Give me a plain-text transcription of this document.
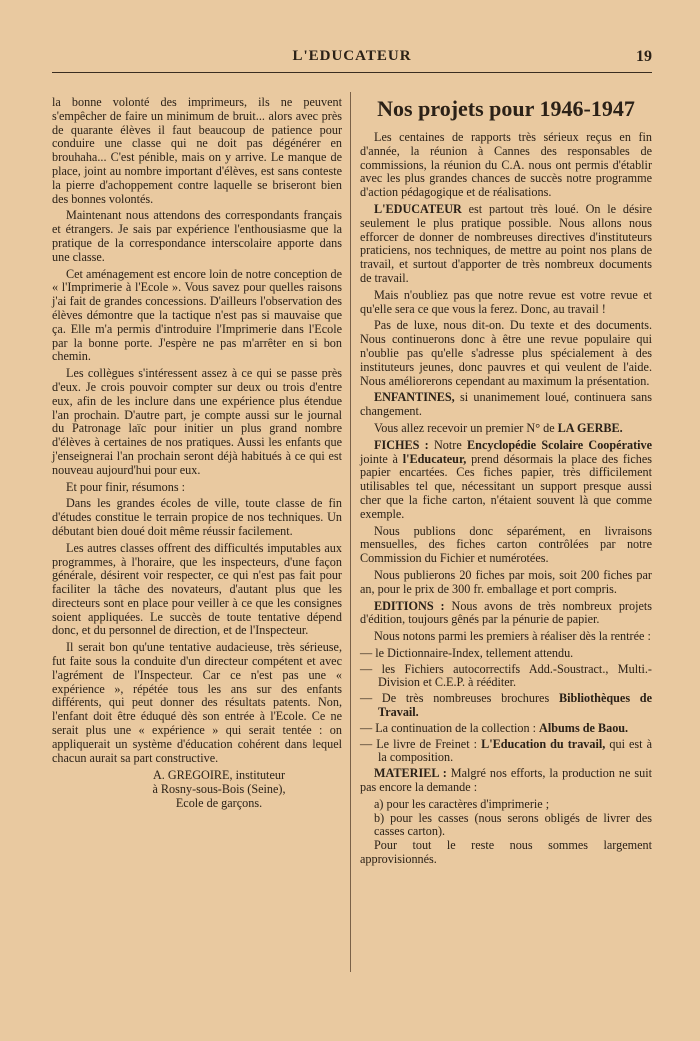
L'EDUCATEUR	19

la bonne volonté des imprimeurs, ils ne peuvent s'empêcher de faire un minimum de bruit... alors avec près de quarante élèves il faut beaucoup de patience pour conduire une classe qui ne doit pas dégénérer en brouhaha... C'est pénible, mais on y arrive. Le manque de place, joint au nombre important d'élèves, est sans conteste la pierre d'achoppement contre laquelle se briseront bien des bonnes volontés.

Maintenant nous attendons des correspondants français et étrangers. Je sais par expérience l'enthousiasme que la pratique de la correspondance interscolaire apporte dans une classe.

Cet aménagement est encore loin de notre conception de « l'Imprimerie à l'Ecole ». Vous savez pour quelles raisons j'ai fait de grandes concessions. D'ailleurs l'observation des élèves démontre que la tactique n'est pas si mauvaise que ça. Elle m'a permis d'introduire l'Imprimerie dans l'Ecole par la bonne porte. J'espère ne pas m'arrêter en si bon chemin.

Les collègues s'intéressent assez à ce qui se passe près d'eux. Je crois pouvoir compter sur deux ou trois d'entre eux, afin de les inclure dans une expérience plus étendue l'an prochain. D'autre part, je compte aussi sur le journal du Patronage laïc pour initier un plus grand nombre d'élèves à certaines de nos pratiques. Aussi les enfants que j'enseignerai l'an prochain seront déjà habitués à ce qui est nouveau aujourd'hui pour eux.

Et pour finir, résumons :

Dans les grandes écoles de ville, toute classe de fin d'études constitue le terrain propice de nos techniques. Un débutant bien doué doit même réussir facilement.

Les autres classes offrent des difficultés imputables aux programmes, à l'horaire, que les inspecteurs, d'une façon générale, désirent voir respecter, ce qui n'est pas fait pour faciliter la tâche des novateurs, d'autant plus que les directeurs sont en place pour veiller à ce que les consignes soient appliquées. Le succès de toute tentative dépend donc, et du personnel de direction, et de l'Inspecteur.

Il serait bon qu'une tentative audacieuse, très sérieuse, fut faite sous la conduite d'un directeur compétent et avec l'agrément de l'Inspecteur. Car ce n'est pas une « expérience », répétée tous les ans sur des enfants différents, qui peut donner des résultats patents. Non, l'enfant doit être éduqué dès son entrée à l'Ecole. Ce ne serait plus une « expérience » qui serait tentée : on appliquerait un système d'éducation cohérent dans lequel chacun aurait sa part constructive.

A. GREGOIRE, instituteur
à Rosny-sous-Bois (Seine),
Ecole de garçons.
Nos projets pour 1946-1947

Les centaines de rapports très sérieux reçus en fin d'année, la réunion à Cannes des responsables de commissions, la réunion du C.A. nous ont permis d'établir avec les plus grandes chances de succès notre programme d'action pédagogique et de réalisations.

L'EDUCATEUR est partout très loué. On le désire seulement le plus pratique possible. Nous allons nous efforcer de donner de nombreuses directives d'instituteurs praticiens, nos techniques, de mettre au point nos plans de travail, et surtout d'apporter de très nombreux documents de travail.

Mais n'oubliez pas que notre revue est votre revue et qu'elle sera ce que vous la ferez. Donc, au travail !

Pas de luxe, nous dit-on. Du texte et des documents. Nous continuerons donc à être une revue populaire qui n'oublie pas qu'elle s'adresse plus spécialement à des instituteurs jeunes, donc pauvres et qui veulent de l'aide. Nous améliorerons cependant au maximum la présentation.

ENFANTINES, si unanimement loué, continuera sans changement.

Vous allez recevoir un premier N° de LA GERBE.

FICHES : Notre Encyclopédie Scolaire Coopérative jointe à l'Educateur, prend désormais la place des fiches papier encartées. Ces fiches papier, très difficilement utilisables tel que, nécessitant un support presque aussi cher que la fiche carton, n'étaient souvent là que comme exemple.

Nous publions donc séparément, en livraisons mensuelles, des fiches carton contrôlées par notre Commission du Fichier et numérotées.

Nous publierons 20 fiches par mois, soit 200 fiches par an, pour le prix de 300 fr. emballage et port compris.

EDITIONS : Nous avons de très nombreux projets d'édition, toujours gênés par la pénurie de papier.

Nous notons parmi les premiers à réaliser dès la rentrée :

— le Dictionnaire-Index, tellement attendu.
— les Fichiers autocorrectifs Add.-Soustract., Multi.-Division et C.E.P. à rééditer.
— De très nombreuses brochures Bibliothèques de Travail.
— La continuation de la collection : Albums de Baou.
— Le livre de Freinet : L'Education du travail, qui est à la composition.

MATERIEL : Malgré nos efforts, la production ne suit pas encore la demande :

a) pour les caractères d'imprimerie ;

b) pour les casses (nous serons obligés de livrer des casses carton).

Pour tout le reste nous sommes largement approvisionnés.
